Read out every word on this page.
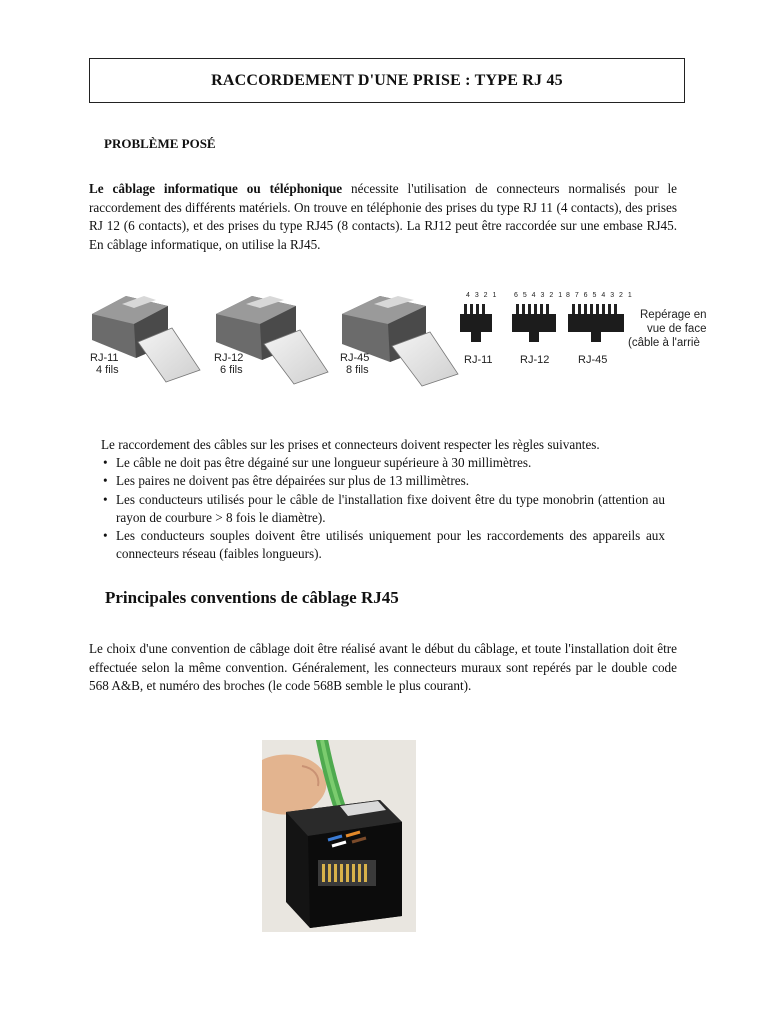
RACCORDEMENT D'UNE PRISE : TYPE RJ 45
PROBLÈME POSÉ

Le câblage informatique ou téléphonique nécessite l'utilisation de connecteurs normalisés pour le raccordement des différents matériels. On trouve en téléphonie des prises du type RJ 11 (4 contacts), des prises RJ 12 (6 contacts), et des prises du type RJ45 (8 contacts). La RJ12 peut être raccordée sur une embase RJ45. En câblage informatique, on utilise la RJ45.

RJ-11
4 fils
RJ-12
6 fils
RJ-45
8 fils
4 3 2 1 6 5 4 3 2 1 8 7 6 5 4 3 2 1
RJ-11 RJ-12	RJ-45
Repérage en
vue de face
(câble à l'arriè
Le raccordement des câbles sur les prises et connecteurs doivent respecter les règles suivantes.
• Le câble ne doit pas être dégainé sur une longueur supérieure à 30 millimètres.
• Les paires ne doivent pas être dépairées sur plus de 13 millimètres.
• Les conducteurs utilisés pour le câble de l'installation fixe doivent être du type monobrin (attention au rayon de courbure > 8 fois le diamètre).
• Les conducteurs souples doivent être utilisés uniquement pour les raccordements des appareils aux connecteurs réseau (faibles longueurs).
Principales conventions de câblage RJ45

Le choix d'une convention de câblage doit être réalisé avant le début du câblage, et toute l'installation doit être effectuée selon la même convention. Généralement, les connecteurs muraux sont repérés par le double code 568 A&B, et numéro des broches (le code 568B semble le plus courant).
